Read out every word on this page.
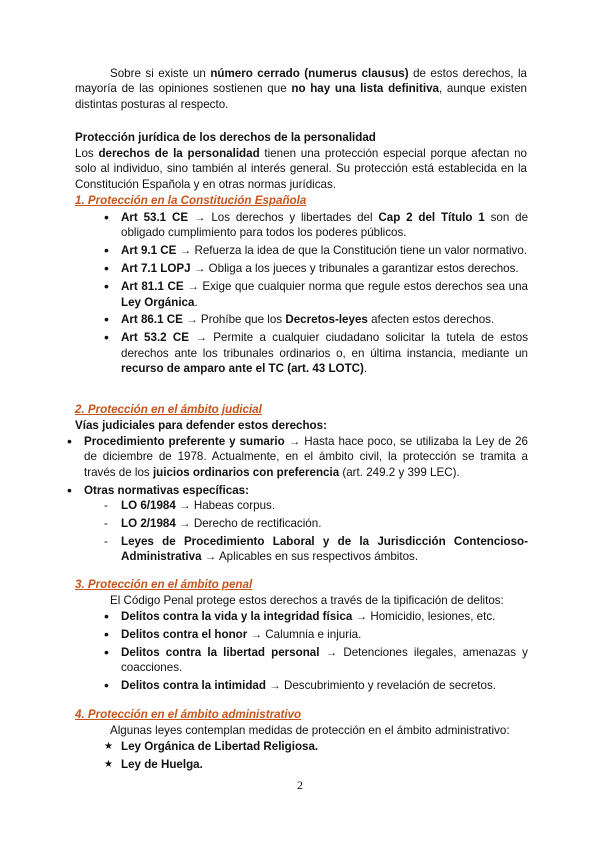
Sobre si existe un número cerrado (numerus clausus) de estos derechos, la mayoría de las opiniones sostienen que no hay una lista definitiva, aunque existen distintas posturas al respecto.
Protección jurídica de los derechos de la personalidad
Los derechos de la personalidad tienen una protección especial porque afectan no solo al individuo, sino también al interés general. Su protección está establecida en la Constitución Española y en otras normas jurídicas.
1. Protección en la Constitución Española
• Art 53.1 CE → Los derechos y libertades del Cap 2 del Título 1 son de obligado cumplimiento para todos los poderes públicos.
• Art 9.1 CE → Refuerza la idea de que la Constitución tiene un valor normativo.
• Art 7.1 LOPJ → Obliga a los jueces y tribunales a garantizar estos derechos.
• Art 81.1 CE → Exige que cualquier norma que regule estos derechos sea una Ley Orgánica.
• Art 86.1 CE → Prohíbe que los Decretos-leyes afecten estos derechos.
• Art 53.2 CE → Permite a cualquier ciudadano solicitar la tutela de estos derechos ante los tribunales ordinarios o, en última instancia, mediante un recurso de amparo ante el TC (art. 43 LOTC).
2. Protección en el ámbito judicial
Vías judiciales para defender estos derechos:
• Procedimiento preferente y sumario → Hasta hace poco, se utilizaba la Ley de 26 de diciembre de 1978. Actualmente, en el ámbito civil, la protección se tramita a través de los juicios ordinarios con preferencia (art. 249.2 y 399 LEC).
• Otras normativas específicas:
- LO 6/1984 → Habeas corpus.
- LO 2/1984 → Derecho de rectificación.
- Leyes de Procedimiento Laboral y de la Jurisdicción Contencioso-Administrativa → Aplicables en sus respectivos ámbitos.
3. Protección en el ámbito penal
El Código Penal protege estos derechos a través de la tipificación de delitos:
• Delitos contra la vida y la integridad física → Homicidio, lesiones, etc.
• Delitos contra el honor → Calumnia e injuria.
• Delitos contra la libertad personal → Detenciones ilegales, amenazas y coacciones.
• Delitos contra la intimidad → Descubrimiento y revelación de secretos.
4. Protección en el ámbito administrativo
Algunas leyes contemplan medidas de protección en el ámbito administrativo:
★ Ley Orgánica de Libertad Religiosa.
★ Ley de Huelga.
2
